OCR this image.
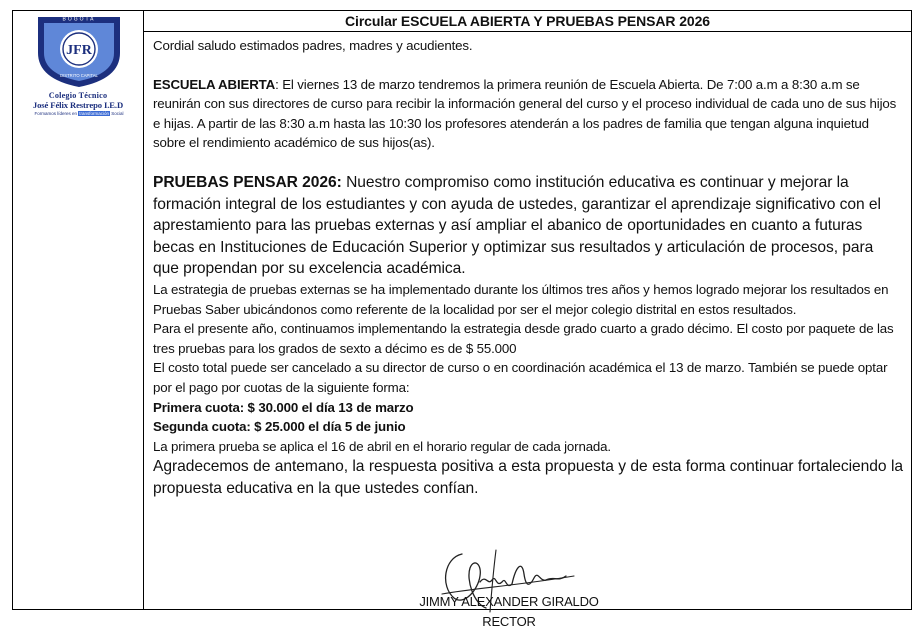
BOGOTA
JFR
DISTRITO CAPITAL
Colegio Técnico
José Félix Restrepo I.E.D
Formamos líderes en transformación Social
Circular ESCUELA ABIERTA Y PRUEBAS PENSAR 2026

Cordial saludo estimados padres, madres y acudientes.

ESCUELA ABIERTA: El viernes 13 de marzo tendremos la primera reunión de Escuela Abierta. De 7:00 a.m a 8:30 a.m se reunirán con sus directores de curso para recibir la información general del curso y el proceso individual de cada uno de sus hijos e hijas. A partir de las 8:30 a.m hasta las 10:30 los profesores atenderán a los padres de familia que tengan alguna inquietud sobre el rendimiento académico de sus hijos(as).

PRUEBAS PENSAR 2026: Nuestro compromiso como institución educativa es continuar y mejorar la formación integral de los estudiantes y con ayuda de ustedes, garantizar el aprendizaje significativo con el aprestamiento para las pruebas externas y así ampliar el abanico de oportunidades en cuanto a futuras becas en Instituciones de Educación Superior y optimizar sus resultados y articulación de procesos, para que propendan por su excelencia académica.

La estrategia de pruebas externas se ha implementado durante los últimos tres años y hemos logrado mejorar los resultados en Pruebas Saber ubicándonos como referente de la localidad por ser el mejor colegio distrital en estos resultados.

Para el presente año, continuamos implementando la estrategia desde grado cuarto a grado décimo. El costo por paquete de las tres pruebas para los grados de sexto a décimo es de $ 55.000

El costo total puede ser cancelado a su director de curso o en coordinación académica el 13 de marzo. También se puede optar por el pago por cuotas de la siguiente forma:

Primera cuota: $ 30.000 el día 13 de marzo

Segunda cuota: $ 25.000 el día 5 de junio

La primera prueba se aplica el 16 de abril en el horario regular de cada jornada.

Agradecemos de antemano, la respuesta positiva a esta propuesta y de esta forma continuar fortaleciendo la propuesta educativa en la que ustedes confían.

JIMMY ALEXANDER GIRALDO
RECTOR
